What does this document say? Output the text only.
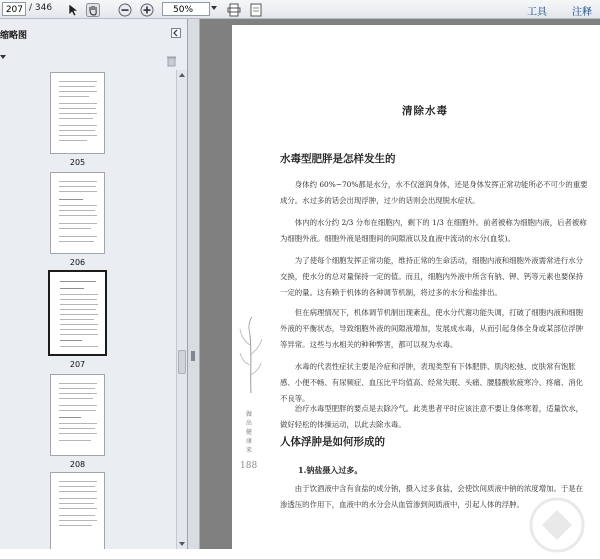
207 / 346	50%	工具	注释
缩略图
205
206
207
208
清除水毒
水毒型肥胖是怎样发生的
身体约 60%~70%都是水分，水不仅滋润身体，还是身体发挥正常功能所必不可少的重要成分。水过多的话会出现浮肿，过少的话则会出现脱水症状。
体内的水分约 2/3 分布在细胞内，剩下的 1/3 在细胞外。前者被称为细胞内液，后者被称为细胞外液。细胞外液是细胞间的间隙液以及血液中流动的水分(血浆)。
为了使每个细胞发挥正常功能，维持正常的生命活动，细胞内液和细胞外液需常进行水分交换，使水分的总对量保持一定的值。而且，细胞内外液中所含有钠、钾、钙等元素也要保持一定的量。这有赖于机体的各种调节机制，将过多的水分和盐排出。
但在病理情况下，机体调节机制出现紊乱，使水分代谢功能失调，打破了细胞内液和细胞外液的平衡状态，导致细胞外液的间隙液增加，发展成水毒，从而引起身体全身或某部位浮肿等异常。这些与水相关的种种弊害，都可以视为水毒。
水毒的代表性症状主要是冷症和浮肿，表现类型有下体肥胖、肌肉松弛、皮肤常有饱胀感、小便不畅、有尿频症、血压比平均值高、经常失眠、头痛、腰膝酸软疲寒冷、疼痛、消化不良等。
治疗水毒型肥胖的要点是去除冷气。此类患者平时应该注意不要让身体寒着，适量饮水，做好轻松的体操运动，以此去除水毒。
人体浮肿是如何形成的
1.钠盐摄入过多。
由于饮酒液中含有食盐的成分钠，摄入过多食盐，会使饮间质液中钠的浓度增加。于是在渗透压的作用下，血液中的水分会从血管渗到间质液中，引起人体的浮肿。
做
出
健
康
来
188
